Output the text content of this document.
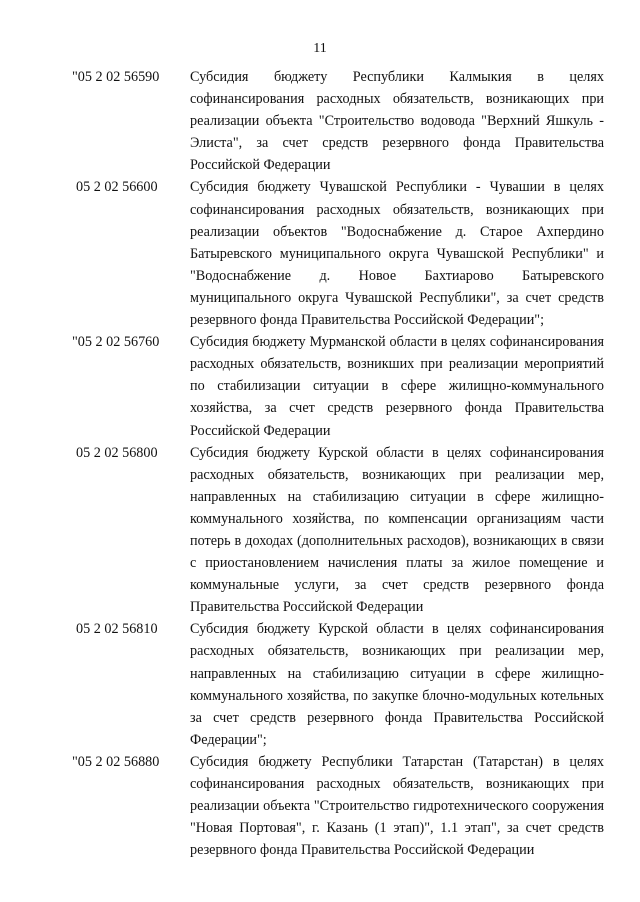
11
"05 2 02 56590	Субсидия бюджету Республики Калмыкия в целях софинансирования расходных обязательств, возникающих при реализации объекта "Строительство водовода "Верхний Яшкуль - Элиста", за счет средств резервного фонда Правительства Российской Федерации
05 2 02 56600	Субсидия бюджету Чувашской Республики - Чувашии в целях софинансирования расходных обязательств, возникающих при реализации объектов "Водоснабжение д. Старое Ахпердино Батыревского муниципального округа Чувашской Республики" и "Водоснабжение д. Новое Бахтиарово Батыревского муниципального округа Чувашской Республики", за счет средств резервного фонда Правительства Российской Федерации";
"05 2 02 56760	Субсидия бюджету Мурманской области в целях софинансирования расходных обязательств, возникших при реализации мероприятий по стабилизации ситуации в сфере жилищно-коммунального хозяйства, за счет средств резервного фонда Правительства Российской Федерации
05 2 02 56800	Субсидия бюджету Курской области в целях софинансирования расходных обязательств, возникающих при реализации мер, направленных на стабилизацию ситуации в сфере жилищно-коммунального хозяйства, по компенсации организациям части потерь в доходах (дополнительных расходов), возникающих в связи с приостановлением начисления платы за жилое помещение и коммунальные услуги, за счет средств резервного фонда Правительства Российской Федерации
05 2 02 56810	Субсидия бюджету Курской области в целях софинансирования расходных обязательств, возникающих при реализации мер, направленных на стабилизацию ситуации в сфере жилищно-коммунального хозяйства, по закупке блочно-модульных котельных за счет средств резервного фонда Правительства Российской Федерации";
"05 2 02 56880	Субсидия бюджету Республики Татарстан (Татарстан) в целях софинансирования расходных обязательств, возникающих при реализации объекта "Строительство гидротехнического сооружения "Новая Портовая", г. Казань (1 этап)", 1.1 этап", за счет средств резервного фонда Правительства Российской Федерации
